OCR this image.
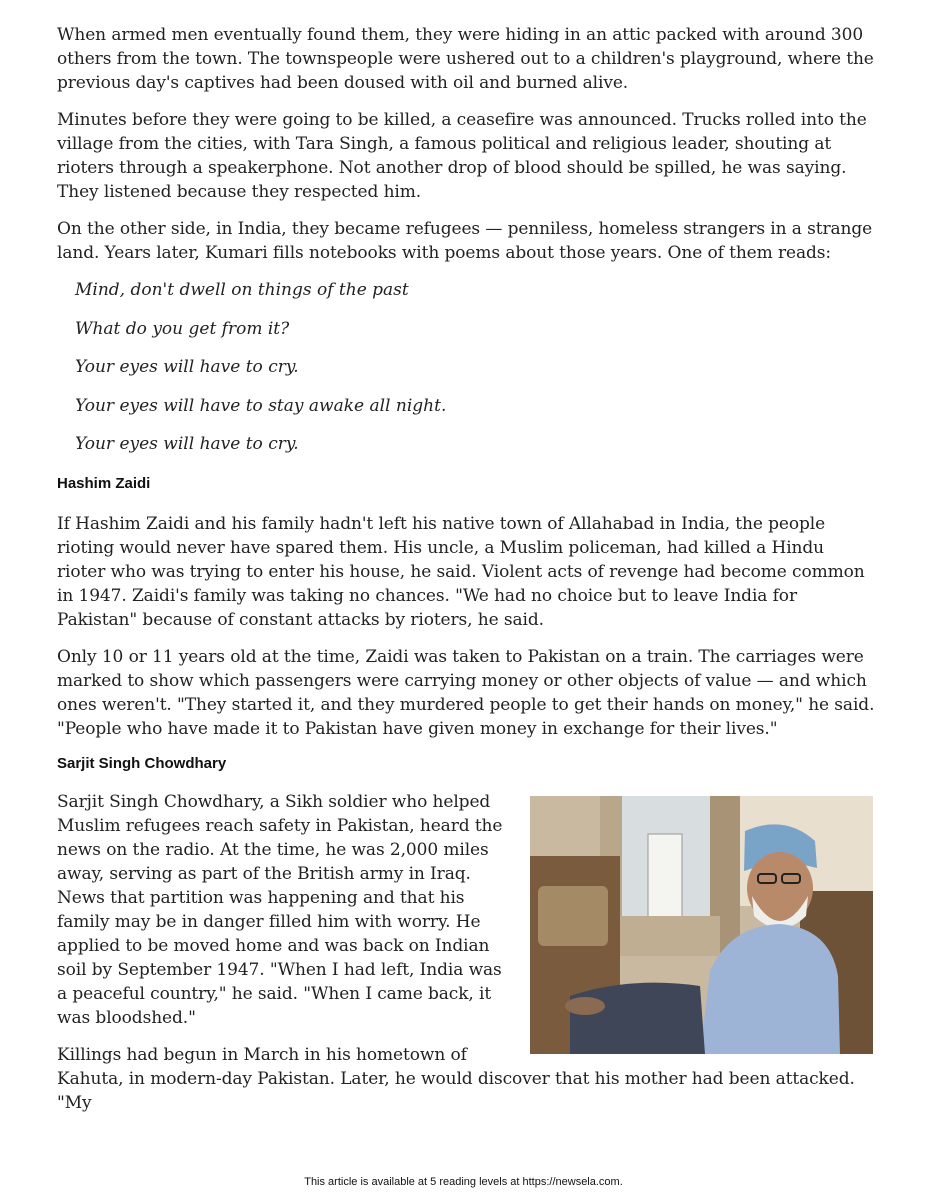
When armed men eventually found them, they were hiding in an attic packed with around 300 others from the town. The townspeople were ushered out to a children's playground, where the previous day's captives had been doused with oil and burned alive.

Minutes before they were going to be killed, a ceasefire was announced. Trucks rolled into the village from the cities, with Tara Singh, a famous political and religious leader, shouting at rioters through a speakerphone. Not another drop of blood should be spilled, he was saying. They listened because they respected him.

On the other side, in India, they became refugees — penniless, homeless strangers in a strange land. Years later, Kumari fills notebooks with poems about those years. One of them reads:

Mind, don't dwell on things of the past
What do you get from it?
Your eyes will have to cry.
Your eyes will have to stay awake all night.
Your eyes will have to cry.
Hashim Zaidi

If Hashim Zaidi and his family hadn't left his native town of Allahabad in India, the people rioting would never have spared them. His uncle, a Muslim policeman, had killed a Hindu rioter who was trying to enter his house, he said. Violent acts of revenge had become common in 1947. Zaidi's family was taking no chances. "We had no choice but to leave India for Pakistan" because of constant attacks by rioters, he said.

Only 10 or 11 years old at the time, Zaidi was taken to Pakistan on a train. The carriages were marked to show which passengers were carrying money or other objects of value — and which ones weren't. "They started it, and they murdered people to get their hands on money," he said. "People who have made it to Pakistan have given money in exchange for their lives."

Sarjit Singh Chowdhary

Sarjit Singh Chowdhary, a Sikh soldier who helped Muslim refugees reach safety in Pakistan, heard the news on the radio. At the time, he was 2,000 miles away, serving as part of the British army in Iraq. News that partition was happening and that his family may be in danger filled him with worry. He applied to be moved home and was back on Indian soil by September 1947. "When I had left, India was a peaceful country," he said. "When I came back, it was bloodshed."

Killings had begun in March in his hometown of Kahuta, in modern-day Pakistan. Later, he would discover that his mother had been attacked. "My

This article is available at 5 reading levels at https://newsela.com.
